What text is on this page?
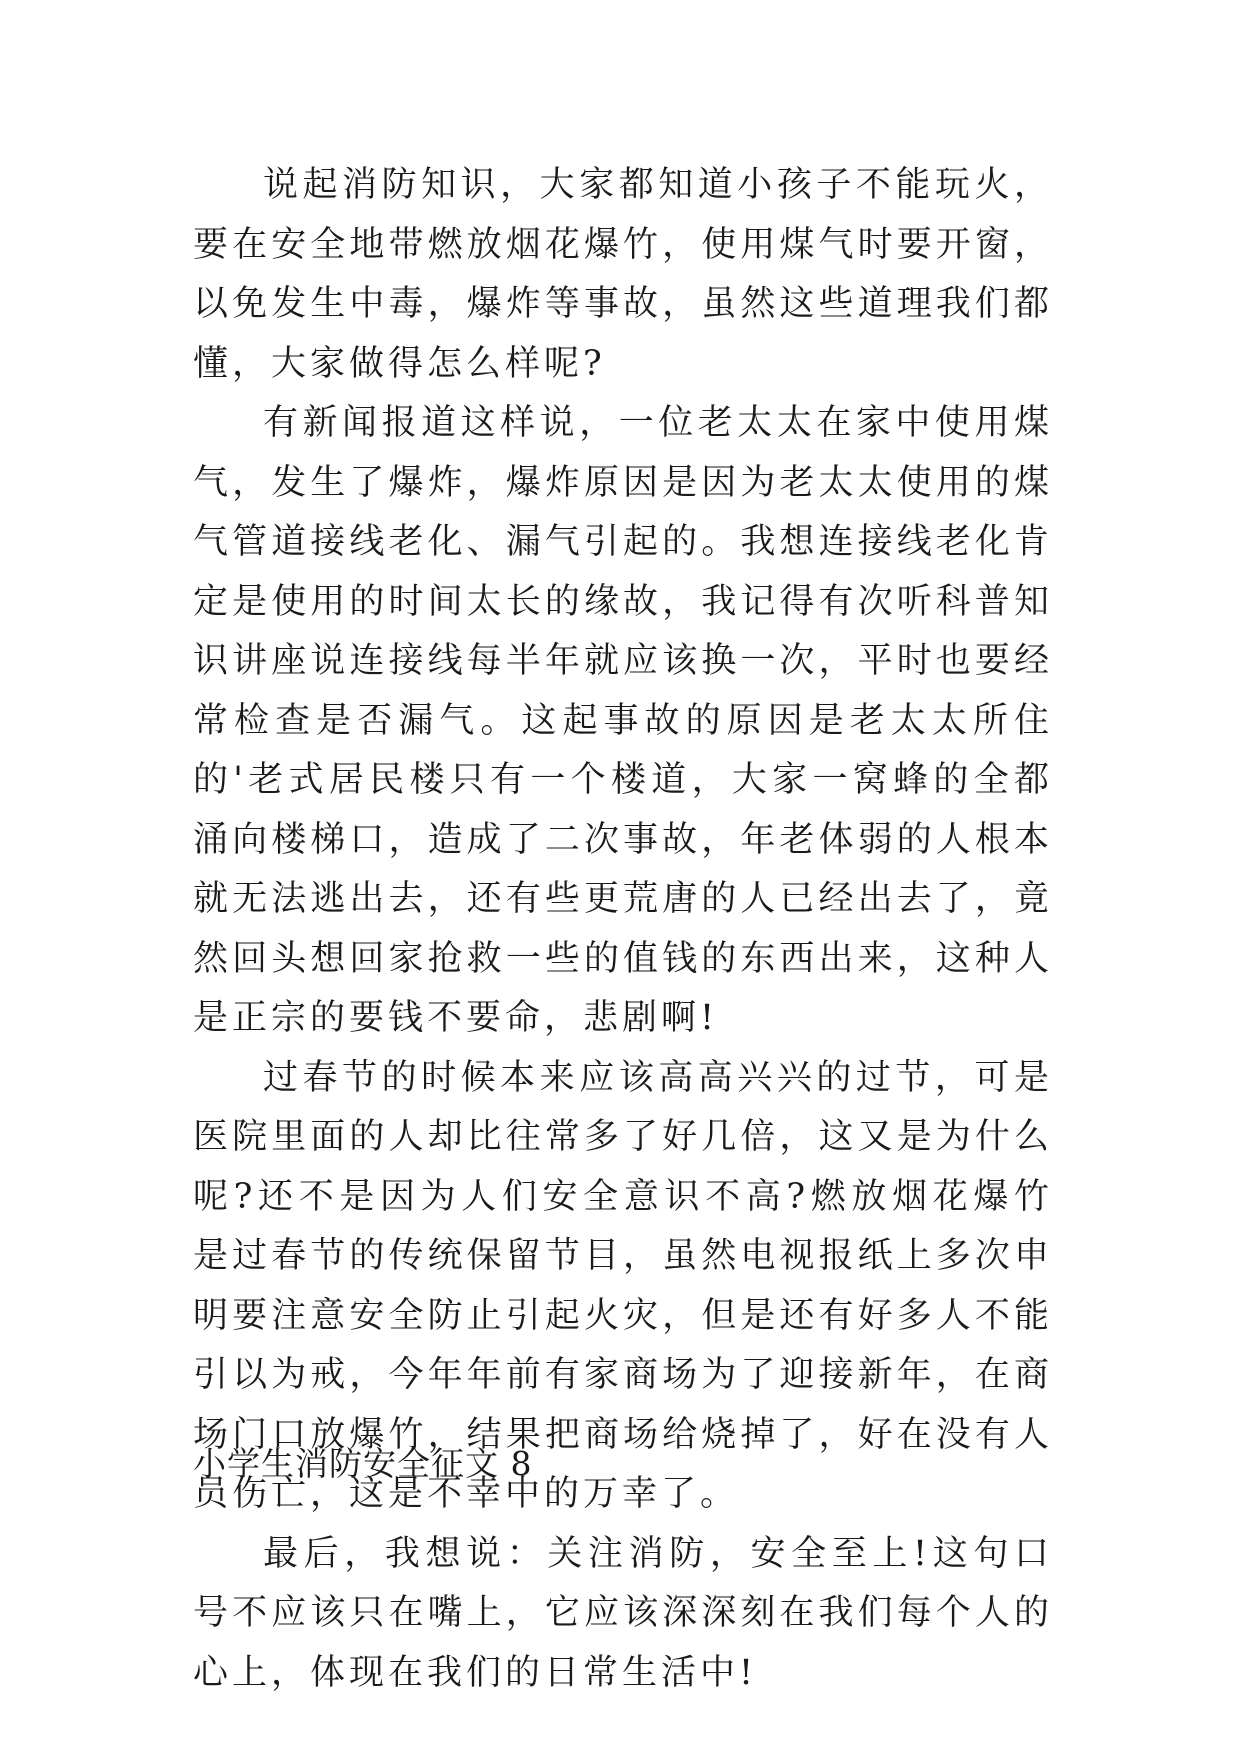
说起消防知识，大家都知道小孩子不能玩火，要在安全地带燃放烟花爆竹，使用煤气时要开窗，以免发生中毒，爆炸等事故，虽然这些道理我们都懂，大家做得怎么样呢?

有新闻报道这样说，一位老太太在家中使用煤气，发生了爆炸，爆炸原因是因为老太太使用的煤气管道接线老化、漏气引起的。我想连接线老化肯定是使用的时间太长的缘故，我记得有次听科普知识讲座说连接线每半年就应该换一次，平时也要经常检查是否漏气。这起事故的原因是老太太所住的'老式居民楼只有一个楼道，大家一窝蜂的全都涌向楼梯口，造成了二次事故，年老体弱的人根本就无法逃出去，还有些更荒唐的人已经出去了，竟然回头想回家抢救一些的值钱的东西出来，这种人是正宗的要钱不要命，悲剧啊!

过春节的时候本来应该高高兴兴的过节，可是医院里面的人却比往常多了好几倍，这又是为什么呢?还不是因为人们安全意识不高?燃放烟花爆竹是过春节的传统保留节目，虽然电视报纸上多次申明要注意安全防止引起火灾，但是还有好多人不能引以为戒，今年年前有家商场为了迎接新年，在商场门口放爆竹，结果把商场给烧掉了，好在没有人员伤亡，这是不幸中的万幸了。

最后，我想说：关注消防，安全至上!这句口号不应该只在嘴上，它应该深深刻在我们每个人的心上，体现在我们的日常生活中!

小学生消防安全征文 8
